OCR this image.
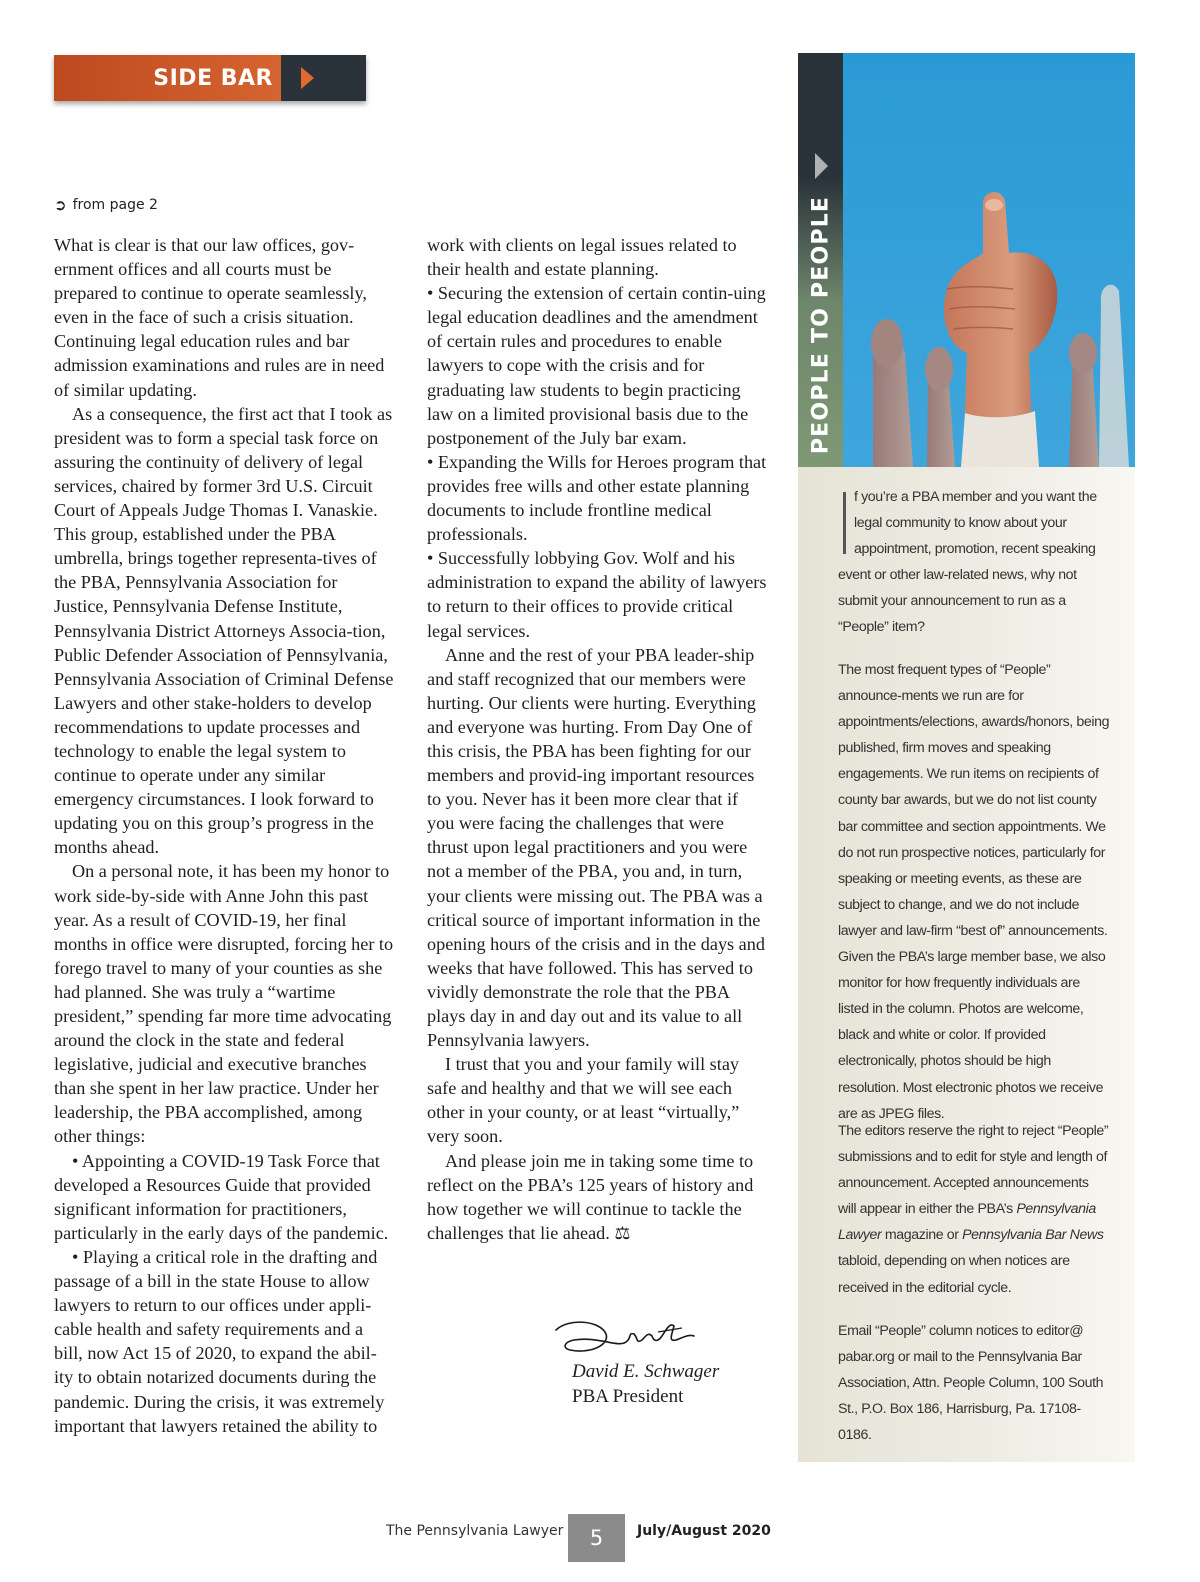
SIDE BAR
➲ from page 2

What is clear is that our law offices, gov-ernment offices and all courts must be prepared to continue to operate seamlessly, even in the face of such a crisis situation. Continuing legal education rules and bar admission examinations and rules are in need of similar updating.

As a consequence, the first act that I took as president was to form a special task force on assuring the continuity of delivery of legal services, chaired by former 3rd U.S. Circuit Court of Appeals Judge Thomas I. Vanaskie. This group, established under the PBA umbrella, brings together representa-tives of the PBA, Pennsylvania Association for Justice, Pennsylvania Defense Institute, Pennsylvania District Attorneys Associa-tion, Public Defender Association of Pennsylvania, Pennsylvania Association of Criminal Defense Lawyers and other stake-holders to develop recommendations to update processes and technology to enable the legal system to continue to operate under any similar emergency circumstances. I look forward to updating you on this group’s progress in the months ahead.

On a personal note, it has been my honor to work side-by-side with Anne John this past year. As a result of COVID-19, her final months in office were disrupted, forcing her to forego travel to many of your counties as she had planned. She was truly a “wartime president,” spending far more time advocating around the clock in the state and federal legislative, judicial and executive branches than she spent in her law practice. Under her leadership, the PBA accomplished, among other things:

• Appointing a COVID-19 Task Force that developed a Resources Guide that provided significant information for practitioners, particularly in the early days of the pandemic.

• Playing a critical role in the drafting and passage of a bill in the state House to allow lawyers to return to our offices under appli-cable health and safety requirements and a bill, now Act 15 of 2020, to expand the abil-ity to obtain notarized documents during the pandemic. During the crisis, it was extremely important that lawyers retained the ability to

work with clients on legal issues related to their health and estate planning.

• Securing the extension of certain contin-uing legal education deadlines and the amendment of certain rules and procedures to enable lawyers to cope with the crisis and for graduating law students to begin practicing law on a limited provisional basis due to the postponement of the July bar exam.

• Expanding the Wills for Heroes program that provides free wills and other estate planning documents to include frontline medical professionals.

• Successfully lobbying Gov. Wolf and his administration to expand the ability of lawyers to return to their offices to provide critical legal services.

Anne and the rest of your PBA leader-ship and staff recognized that our members were hurting. Our clients were hurting. Everything and everyone was hurting. From Day One of this crisis, the PBA has been fighting for our members and provid-ing important resources to you. Never has it been more clear that if you were facing the challenges that were thrust upon legal practitioners and you were not a member of the PBA, you and, in turn, your clients were missing out. The PBA was a critical source of important information in the opening hours of the crisis and in the days and weeks that have followed. This has served to vividly demonstrate the role that the PBA plays day in and day out and its value to all Pennsylvania lawyers.

I trust that you and your family will stay safe and healthy and that we will see each other in your county, or at least “virtually,” very soon.

And please join me in taking some time to reflect on the PBA’s 125 years of history and how together we will continue to tackle the challenges that lie ahead. ⚖

David E. Schwager
PBA President
PEOPLE TO PEOPLE
f you’re a PBA member and you want the legal community to know about your appointment, promotion, recent speaking event or other law-related news, why not submit your announcement to run as a “People” item?

The most frequent types of “People” announce-ments we run are for appointments/elections, awards/honors, being published, firm moves and speaking engagements. We run items on recipients of county bar awards, but we do not list county bar committee and section appointments. We do not run prospective notices, particularly for speaking or meeting events, as these are subject to change, and we do not include lawyer and law-firm “best of” announcements. Given the PBA’s large member base, we also monitor for how frequently individuals are listed in the column. Photos are welcome, black and white or color. If provided electronically, photos should be high resolution. Most electronic photos we receive are as JPEG files.

The editors reserve the right to reject “People” submissions and to edit for style and length of announcement. Accepted announcements will appear in either the PBA’s Pennsylvania Lawyer magazine or Pennsylvania Bar News tabloid, depending on when notices are received in the editorial cycle.

Email “People” column notices to editor@ pabar.org or mail to the Pennsylvania Bar Association, Attn. People Column, 100 South St., P.O. Box 186, Harrisburg, Pa. 17108-0186.

The Pennsylvania Lawyer	5	July/August 2020
